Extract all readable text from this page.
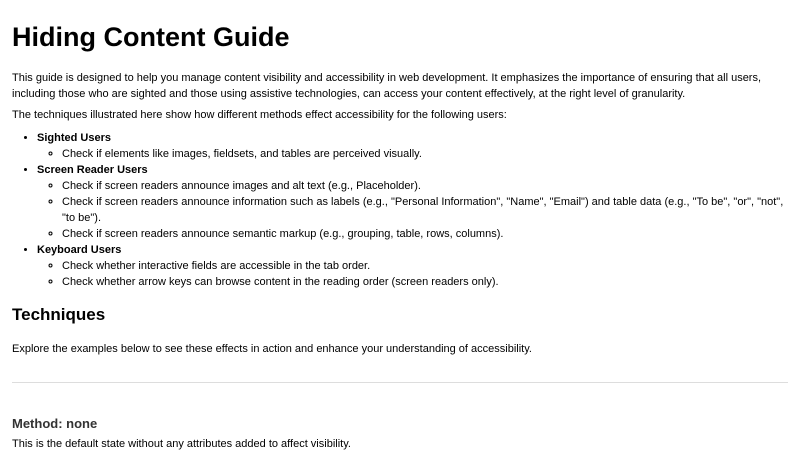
Hiding Content Guide

This guide is designed to help you manage content visibility and accessibility in web development. It emphasizes the importance of ensuring that all users, including those who are sighted and those using assistive technologies, can access your content effectively, at the right level of granularity.

The techniques illustrated here show how different methods effect accessibility for the following users:

• Sighted Users
◦ Check if elements like images, fieldsets, and tables are perceived visually.
• Screen Reader Users
◦ Check if screen readers announce images and alt text (e.g., Placeholder).
◦ Check if screen readers announce information such as labels (e.g., "Personal Information", "Name", "Email") and table data (e.g., "To be", "or", "not", "to be").
◦ Check if screen readers announce semantic markup (e.g., grouping, table, rows, columns).
• Keyboard Users
◦ Check whether interactive fields are accessible in the tab order.
◦ Check whether arrow keys can browse content in the reading order (screen readers only).
Techniques

Explore the examples below to see these effects in action and enhance your understanding of accessibility.

Method: none

This is the default state without any attributes added to affect visibility.
